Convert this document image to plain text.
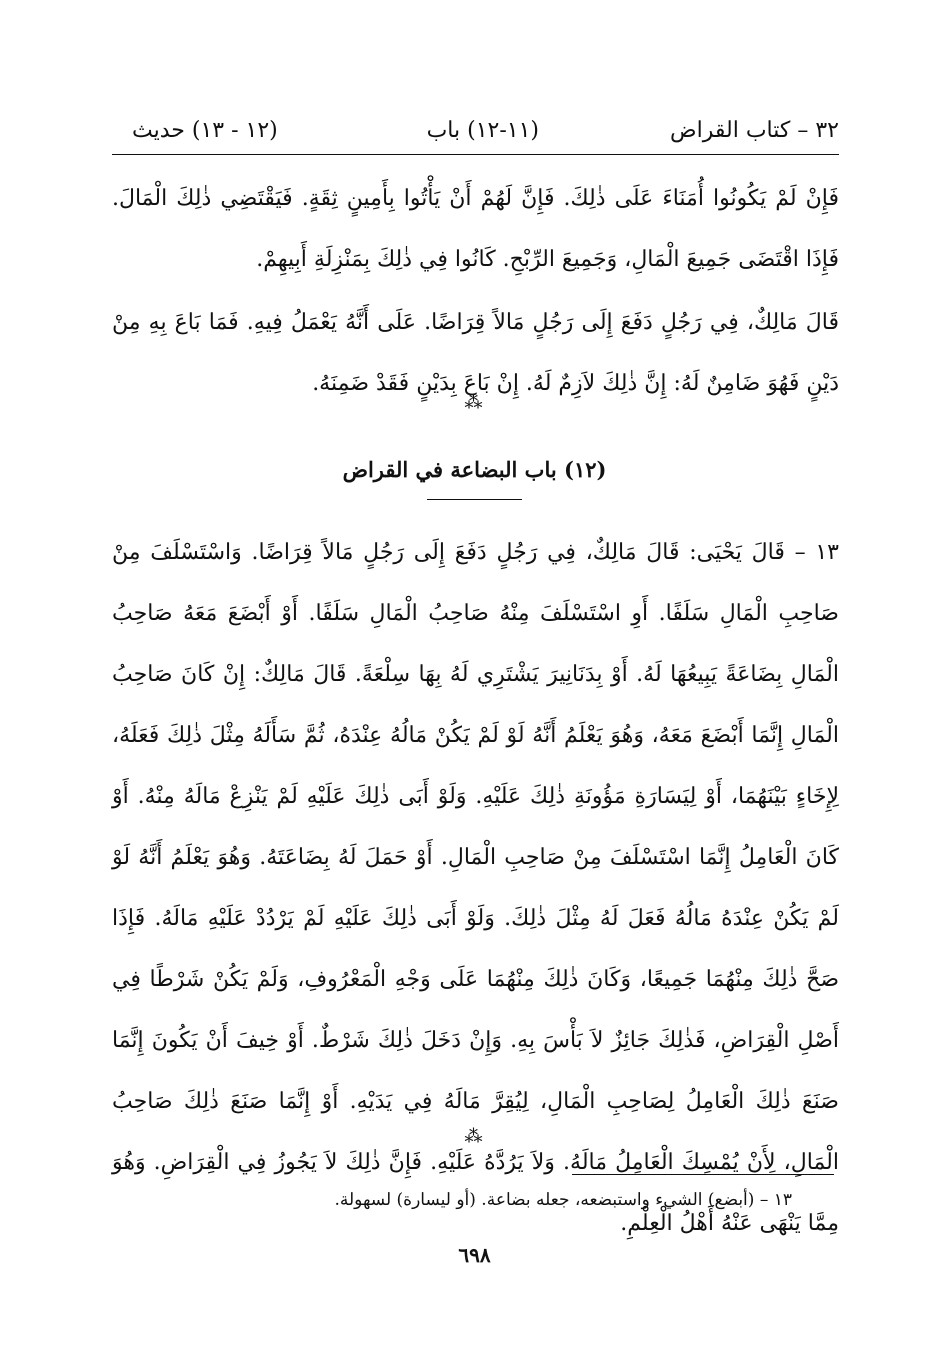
٣٢ – كتاب القراض
(١١-١٢) باب
(١٢ - ١٣) حديث

فَإِنْ لَمْ يَكُونُوا أُمَنَاءَ عَلَى ذٰلِكَ. فَإِنَّ لَهُمْ أَنْ يَأْتُوا بِأَمِينٍ ثِقَةٍ. فَيَقْتَضِي ذٰلِكَ الْمَالَ. فَإِذَا اقْتَضَى جَمِيعَ الْمَالِ، وَجَمِيعَ الرِّبْحِ. كَانُوا فِي ذٰلِكَ بِمَنْزِلَةِ أَبِيهِمْ.

قَالَ مَالِكٌ، فِي رَجُلٍ دَفَعَ إِلَى رَجُلٍ مَالاً قِرَاضًا. عَلَى أَنَّهُ يَعْمَلُ فِيهِ. فَمَا بَاعَ بِهِ مِنْ دَيْنٍ فَهُوَ ضَامِنٌ لَهُ: إِنَّ ذٰلِكَ لاَزِمٌ لَهُ. إِنْ بَاعَ بِدَيْنٍ فَقَدْ ضَمِنَهُ.

⁂
(١٢) باب البضاعة في القراض

١٣ – قَالَ يَحْيَى: قَالَ مَالِكٌ، فِي رَجُلٍ دَفَعَ إِلَى رَجُلٍ مَالاً قِرَاضًا. وَاسْتَسْلَفَ مِنْ صَاحِبِ الْمَالِ سَلَفًا. أَوِ اسْتَسْلَفَ مِنْهُ صَاحِبُ الْمَالِ سَلَفًا. أَوْ أَبْضَعَ مَعَهُ صَاحِبُ الْمَالِ بِضَاعَةً يَبِيعُهَا لَهُ. أَوْ بِدَنَانِيرَ يَشْتَرِي لَهُ بِهَا سِلْعَةً. قَالَ مَالِكٌ: إِنْ كَانَ صَاحِبُ الْمَالِ إِنَّمَا أَبْضَعَ مَعَهُ، وَهُوَ يَعْلَمُ أَنَّهُ لَوْ لَمْ يَكُنْ مَالُهُ عِنْدَهُ، ثُمَّ سَأَلَهُ مِثْلَ ذٰلِكَ فَعَلَهُ، لِإِخَاءٍ بَيْنَهُمَا، أَوْ لِيَسَارَةِ مَؤُونَةِ ذٰلِكَ عَلَيْهِ. وَلَوْ أَبَى ذٰلِكَ عَلَيْهِ لَمْ يَنْزِعْ مَالَهُ مِنْهُ. أَوْ كَانَ الْعَامِلُ إِنَّمَا اسْتَسْلَفَ مِنْ صَاحِبِ الْمَالِ. أَوْ حَمَلَ لَهُ بِضَاعَتَهُ. وَهُوَ يَعْلَمُ أَنَّهُ لَوْ لَمْ يَكُنْ عِنْدَهُ مَالُهُ فَعَلَ لَهُ مِثْلَ ذٰلِكَ. وَلَوْ أَبَى ذٰلِكَ عَلَيْهِ لَمْ يَرْدُدْ عَلَيْهِ مَالَهُ. فَإِذَا صَحَّ ذٰلِكَ مِنْهُمَا جَمِيعًا، وَكَانَ ذٰلِكَ مِنْهُمَا عَلَى وَجْهِ الْمَعْرُوفِ، وَلَمْ يَكُنْ شَرْطًا فِي أَصْلِ الْقِرَاضِ، فَذٰلِكَ جَائِزٌ لاَ بَأْسَ بِهِ. وَإِنْ دَخَلَ ذٰلِكَ شَرْطٌ. أَوْ خِيفَ أَنْ يَكُونَ إِنَّمَا صَنَعَ ذٰلِكَ الْعَامِلُ لِصَاحِبِ الْمَالِ، لِيُقِرَّ مَالَهُ فِي يَدَيْهِ. أَوْ إِنَّمَا صَنَعَ ذٰلِكَ صَاحِبُ الْمَالِ، لِأَنْ يُمْسِكَ الْعَامِلُ مَالَهُ. وَلاَ يَرُدَّهُ عَلَيْهِ. فَإِنَّ ذٰلِكَ لاَ يَجُوزُ فِي الْقِرَاضِ. وَهُوَ مِمَّا يَنْهَى عَنْهُ أَهْلُ الْعِلْمِ.

⁂
١٣ – (أبضع) الشيء واستبضعه، جعله بضاعة. (أو ليسارة) لسهولة.
٦٩٨
